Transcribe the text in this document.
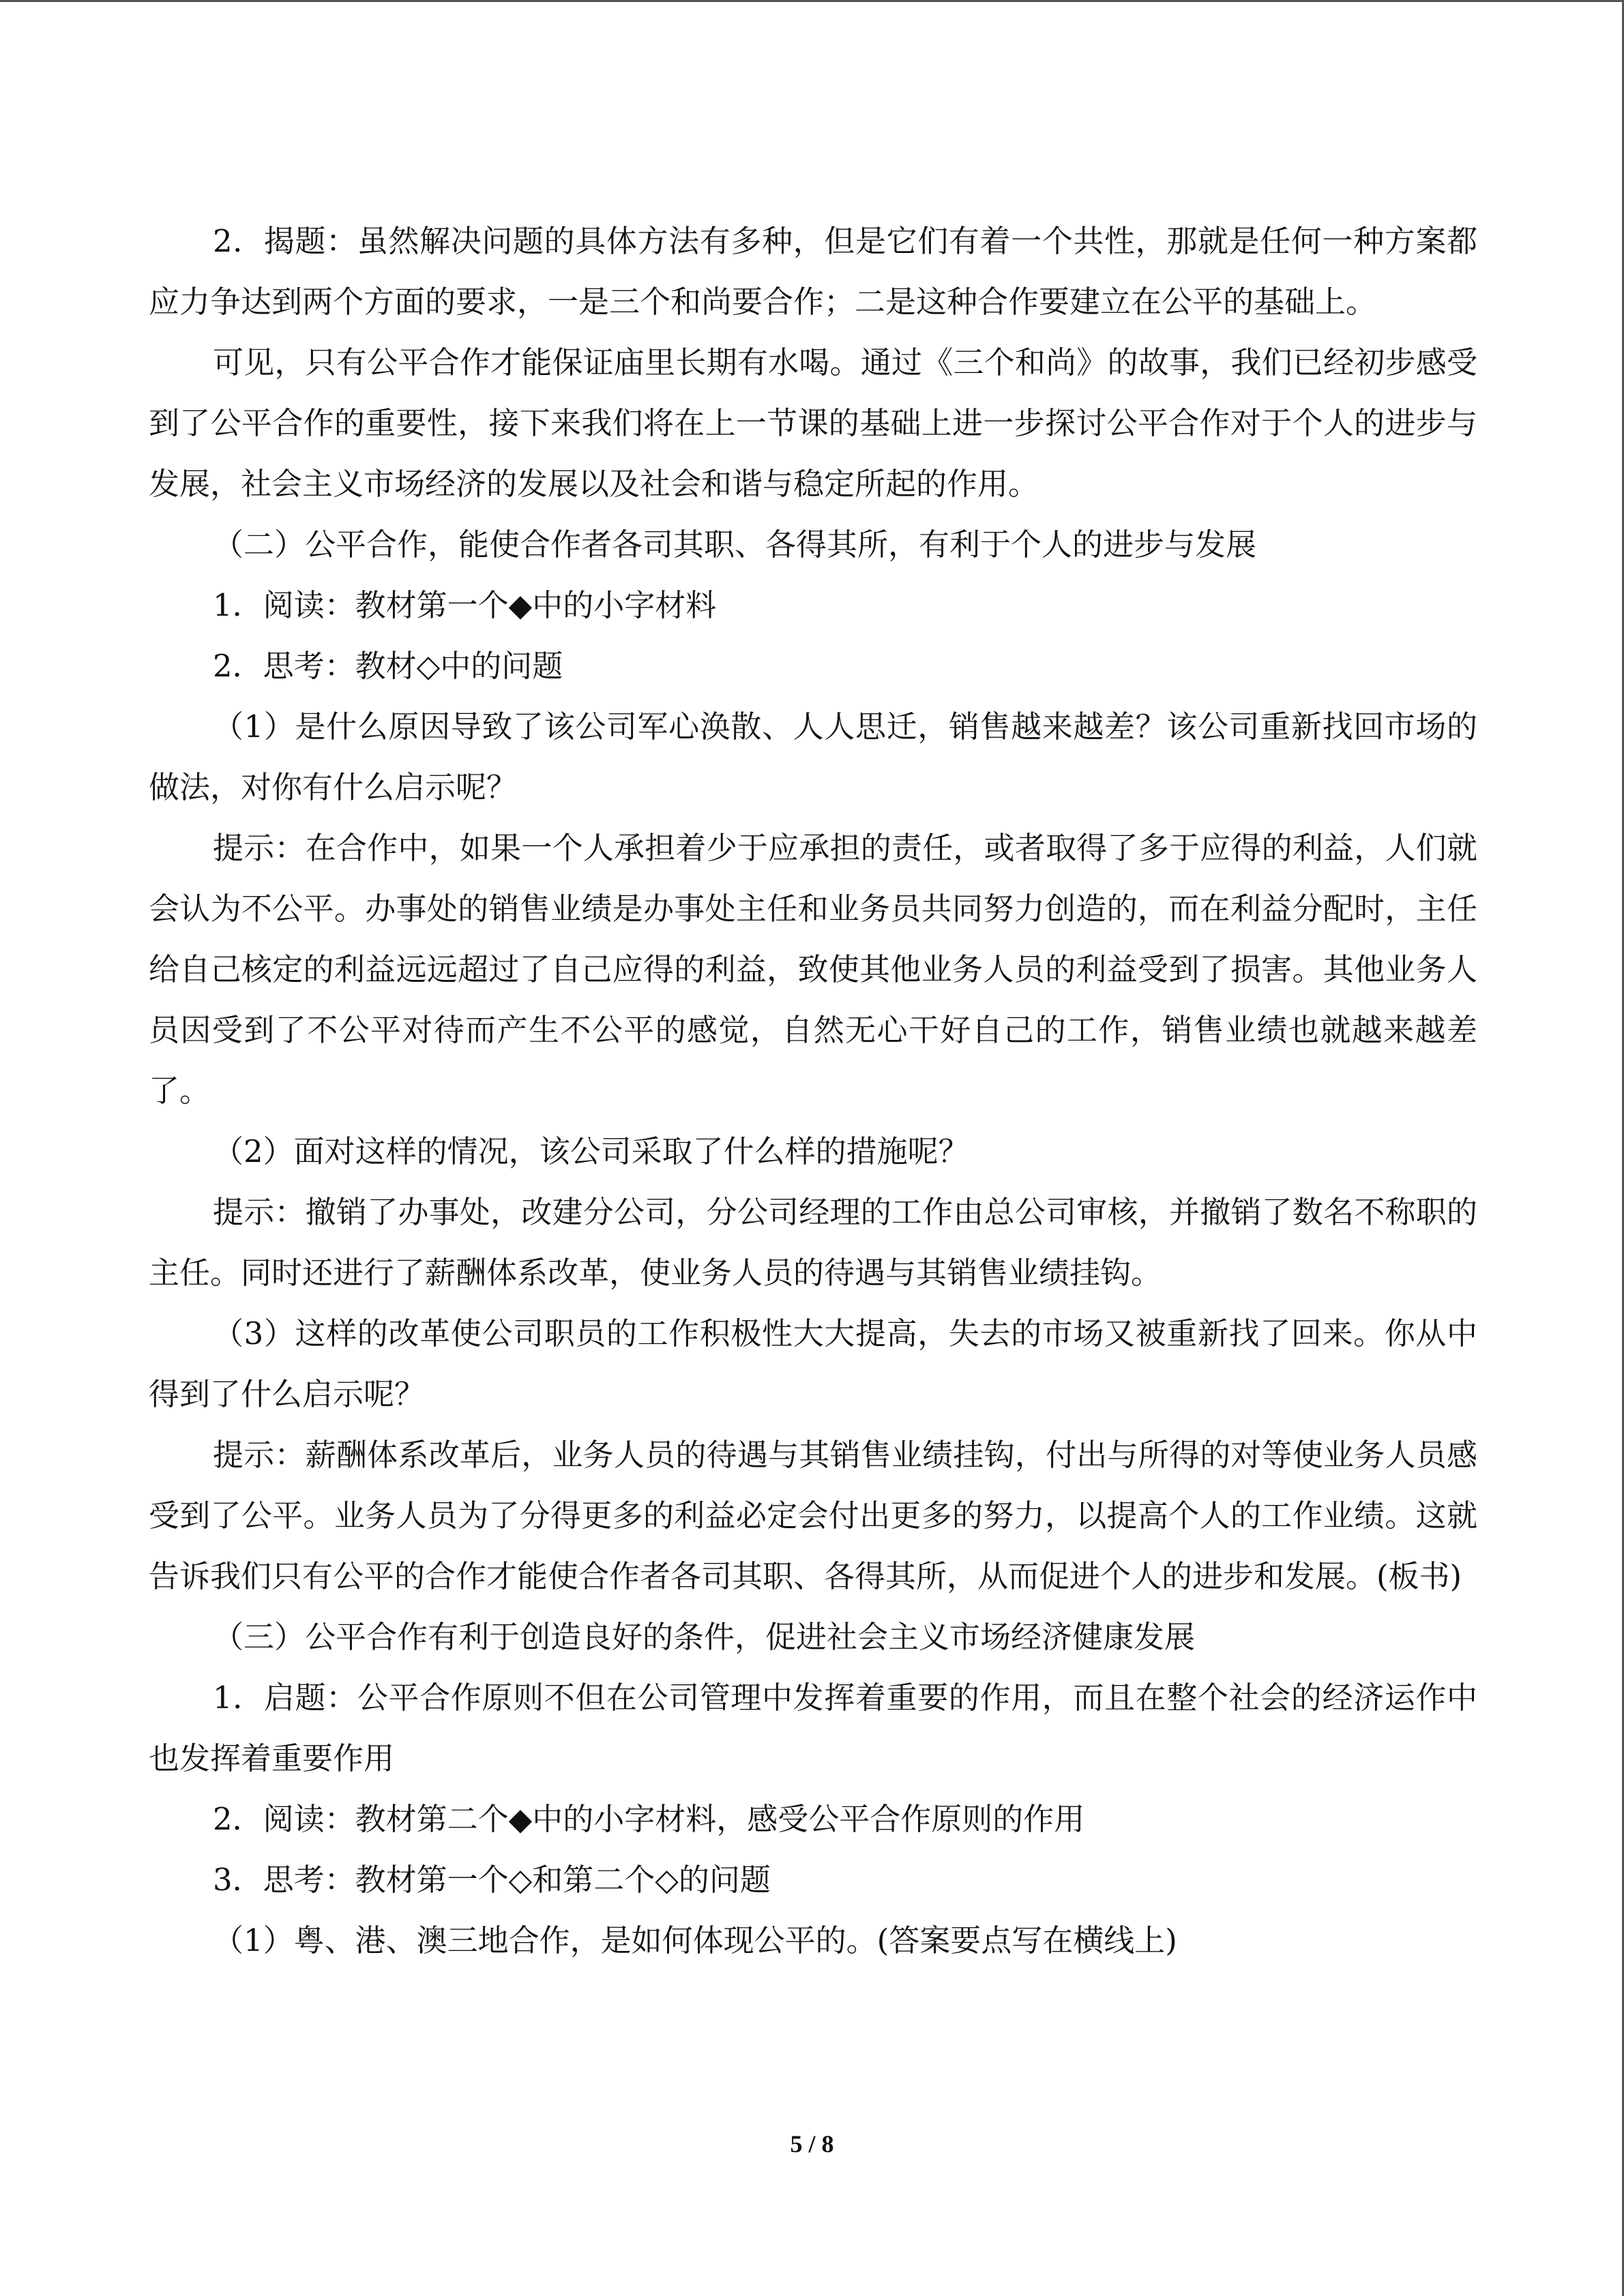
2．揭题：虽然解决问题的具体方法有多种，但是它们有着一个共性，那就是任何一种方案都应力争达到两个方面的要求，一是三个和尚要合作；二是这种合作要建立在公平的基础上。

可见，只有公平合作才能保证庙里长期有水喝。通过《三个和尚》的故事，我们已经初步感受到了公平合作的重要性，接下来我们将在上一节课的基础上进一步探讨公平合作对于个人的进步与发展，社会主义市场经济的发展以及社会和谐与稳定所起的作用。

（二）公平合作，能使合作者各司其职、各得其所，有利于个人的进步与发展

1．阅读：教材第一个◆中的小字材料

2．思考：教材◇中的问题

（1）是什么原因导致了该公司军心涣散、人人思迁，销售越来越差？该公司重新找回市场的做法，对你有什么启示呢？

提示：在合作中，如果一个人承担着少于应承担的责任，或者取得了多于应得的利益，人们就会认为不公平。办事处的销售业绩是办事处主任和业务员共同努力创造的，而在利益分配时，主任给自己核定的利益远远超过了自己应得的利益，致使其他业务人员的利益受到了损害。其他业务人员因受到了不公平对待而产生不公平的感觉，自然无心干好自己的工作，销售业绩也就越来越差了。

（2）面对这样的情况，该公司采取了什么样的措施呢？

提示：撤销了办事处，改建分公司，分公司经理的工作由总公司审核，并撤销了数名不称职的主任。同时还进行了薪酬体系改革，使业务人员的待遇与其销售业绩挂钩。

（3）这样的改革使公司职员的工作积极性大大提高，失去的市场又被重新找了回来。你从中得到了什么启示呢？

提示：薪酬体系改革后，业务人员的待遇与其销售业绩挂钩，付出与所得的对等使业务人员感受到了公平。业务人员为了分得更多的利益必定会付出更多的努力，以提高个人的工作业绩。这就告诉我们只有公平的合作才能使合作者各司其职、各得其所，从而促进个人的进步和发展。(板书)

（三）公平合作有利于创造良好的条件，促进社会主义市场经济健康发展

1．启题：公平合作原则不但在公司管理中发挥着重要的作用，而且在整个社会的经济运作中也发挥着重要作用

2．阅读：教材第二个◆中的小字材料，感受公平合作原则的作用

3．思考：教材第一个◇和第二个◇的问题

（1）粤、港、澳三地合作，是如何体现公平的。(答案要点写在横线上)

5 / 8
